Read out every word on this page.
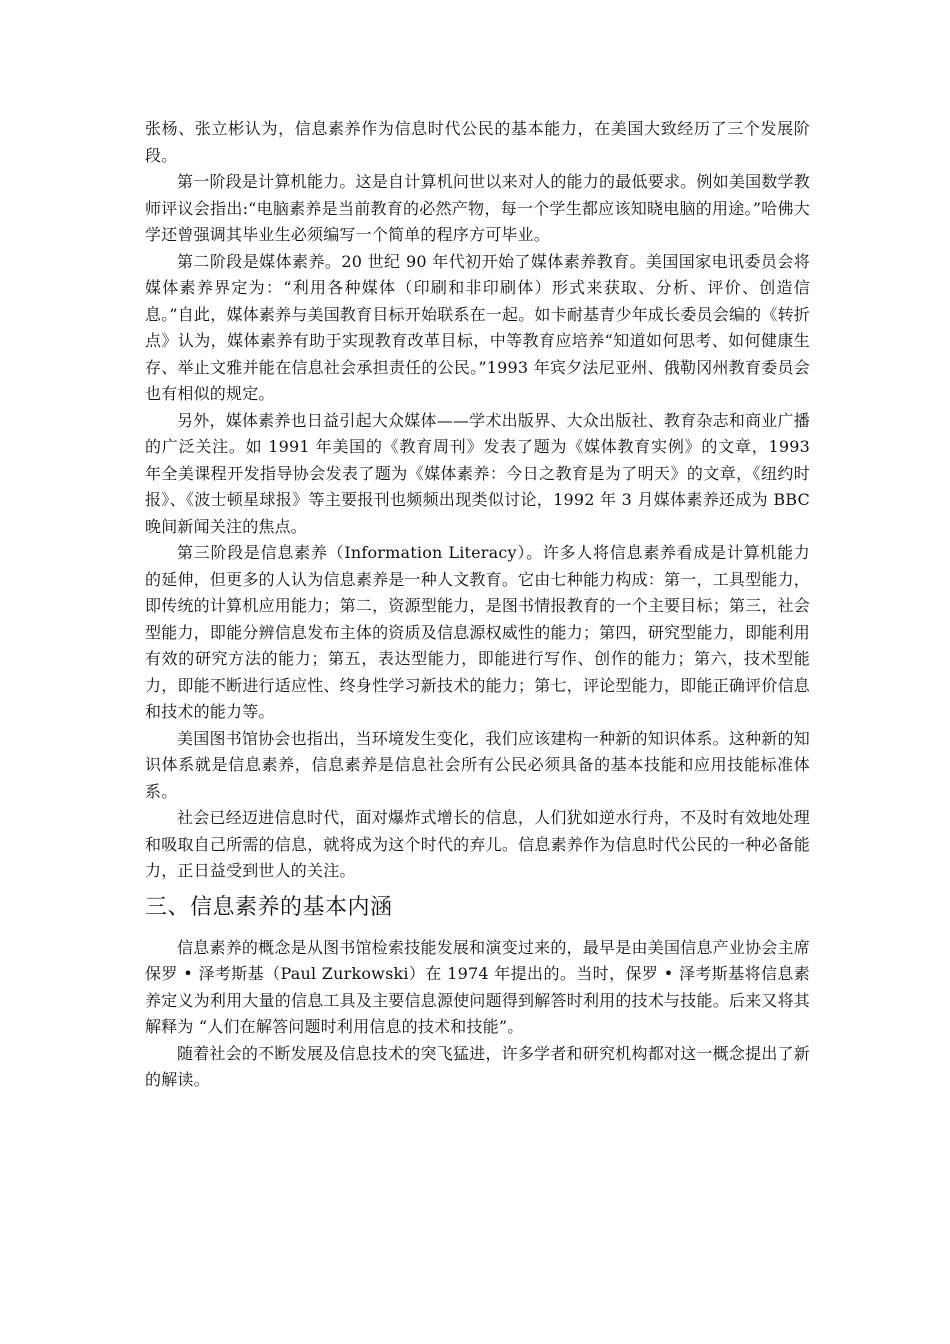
张杨、张立彬认为，信息素养作为信息时代公民的基本能力，在美国大致经历了三个发展阶段。

第一阶段是计算机能力。这是自计算机问世以来对人的能力的最低要求。例如美国数学教师评议会指出:“电脑素养是当前教育的必然产物，每一个学生都应该知晓电脑的用途。”哈佛大学还曾强调其毕业生必须编写一个简单的程序方可毕业。

第二阶段是媒体素养。20 世纪 90 年代初开始了媒体素养教育。美国国家电讯委员会将媒体素养界定为：“利用各种媒体（印刷和非印刷体）形式来获取、分析、评价、创造信息。”自此，媒体素养与美国教育目标开始联系在一起。如卡耐基青少年成长委员会编的《转折点》认为，媒体素养有助于实现教育改革目标，中等教育应培养“知道如何思考、如何健康生存、举止文雅并能在信息社会承担责任的公民。”1993 年宾夕法尼亚州、俄勒冈州教育委员会也有相似的规定。

另外，媒体素养也日益引起大众媒体——学术出版界、大众出版社、教育杂志和商业广播的广泛关注。如 1991 年美国的《教育周刊》发表了题为《媒体教育实例》的文章，1993 年全美课程开发指导协会发表了题为《媒体素养：今日之教育是为了明天》的文章，《纽约时报》、《波士顿星球报》等主要报刊也频频出现类似讨论，1992 年 3 月媒体素养还成为 BBC 晚间新闻关注的焦点。

第三阶段是信息素养（Information Literacy）。许多人将信息素养看成是计算机能力的延伸，但更多的人认为信息素养是一种人文教育。它由七种能力构成：第一，工具型能力，即传统的计算机应用能力；第二，资源型能力，是图书情报教育的一个主要目标；第三，社会型能力，即能分辨信息发布主体的资质及信息源权威性的能力；第四，研究型能力，即能利用有效的研究方法的能力；第五，表达型能力，即能进行写作、创作的能力；第六，技术型能力，即能不断进行适应性、终身性学习新技术的能力；第七，评论型能力，即能正确评价信息和技术的能力等。

美国图书馆协会也指出，当环境发生变化，我们应该建构一种新的知识体系。这种新的知识体系就是信息素养，信息素养是信息社会所有公民必须具备的基本技能和应用技能标准体系。

社会已经迈进信息时代，面对爆炸式增长的信息，人们犹如逆水行舟，不及时有效地处理和吸取自己所需的信息，就将成为这个时代的弃儿。信息素养作为信息时代公民的一种必备能力，正日益受到世人的关注。

三、信息素养的基本内涵

信息素养的概念是从图书馆检索技能发展和演变过来的，最早是由美国信息产业协会主席保罗 • 泽考斯基（Paul Zurkowski）在 1974 年提出的。当时，保罗 • 泽考斯基将信息素养定义为利用大量的信息工具及主要信息源使问题得到解答时利用的技术与技能。后来又将其解释为 “人们在解答问题时利用信息的技术和技能”。

随着社会的不断发展及信息技术的突飞猛进，许多学者和研究机构都对这一概念提出了新的解读。
